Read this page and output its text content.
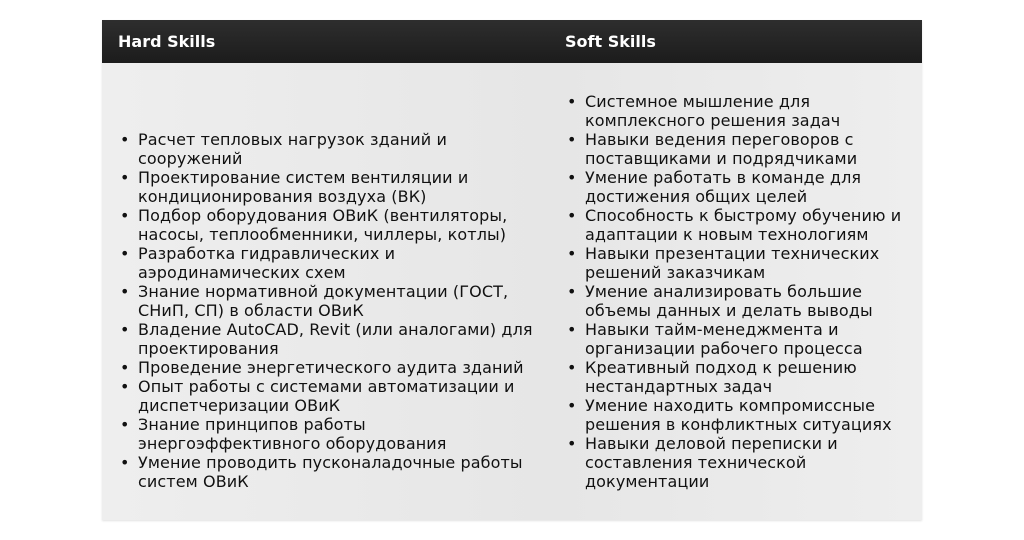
Hard Skills	Soft Skills
• Расчет тепловых нагрузок зданий и сооружений
• Проектирование систем вентиляции и кондиционирования воздуха (ВК)
• Подбор оборудования ОВиК (вентиляторы, насосы, теплообменники, чиллеры, котлы)
• Разработка гидравлических и аэродинамических схем
• Знание нормативной документации (ГОСТ, СНиП, СП) в области ОВиК
• Владение AutoCAD, Revit (или аналогами) для проектирования
• Проведение энергетического аудита зданий
• Опыт работы с системами автоматизации и диспетчеризации ОВиК
• Знание принципов работы энергоэффективного оборудования
• Умение проводить пусконаладочные работы систем ОВиК
• Системное мышление для комплексного решения задач
• Навыки ведения переговоров с поставщиками и подрядчиками
• Умение работать в команде для достижения общих целей
• Способность к быстрому обучению и адаптации к новым технологиям
• Навыки презентации технических решений заказчикам
• Умение анализировать большие объемы данных и делать выводы
• Навыки тайм-менеджмента и организации рабочего процесса
• Креативный подход к решению нестандартных задач
• Умение находить компромиссные решения в конфликтных ситуациях
• Навыки деловой переписки и составления технической документации
